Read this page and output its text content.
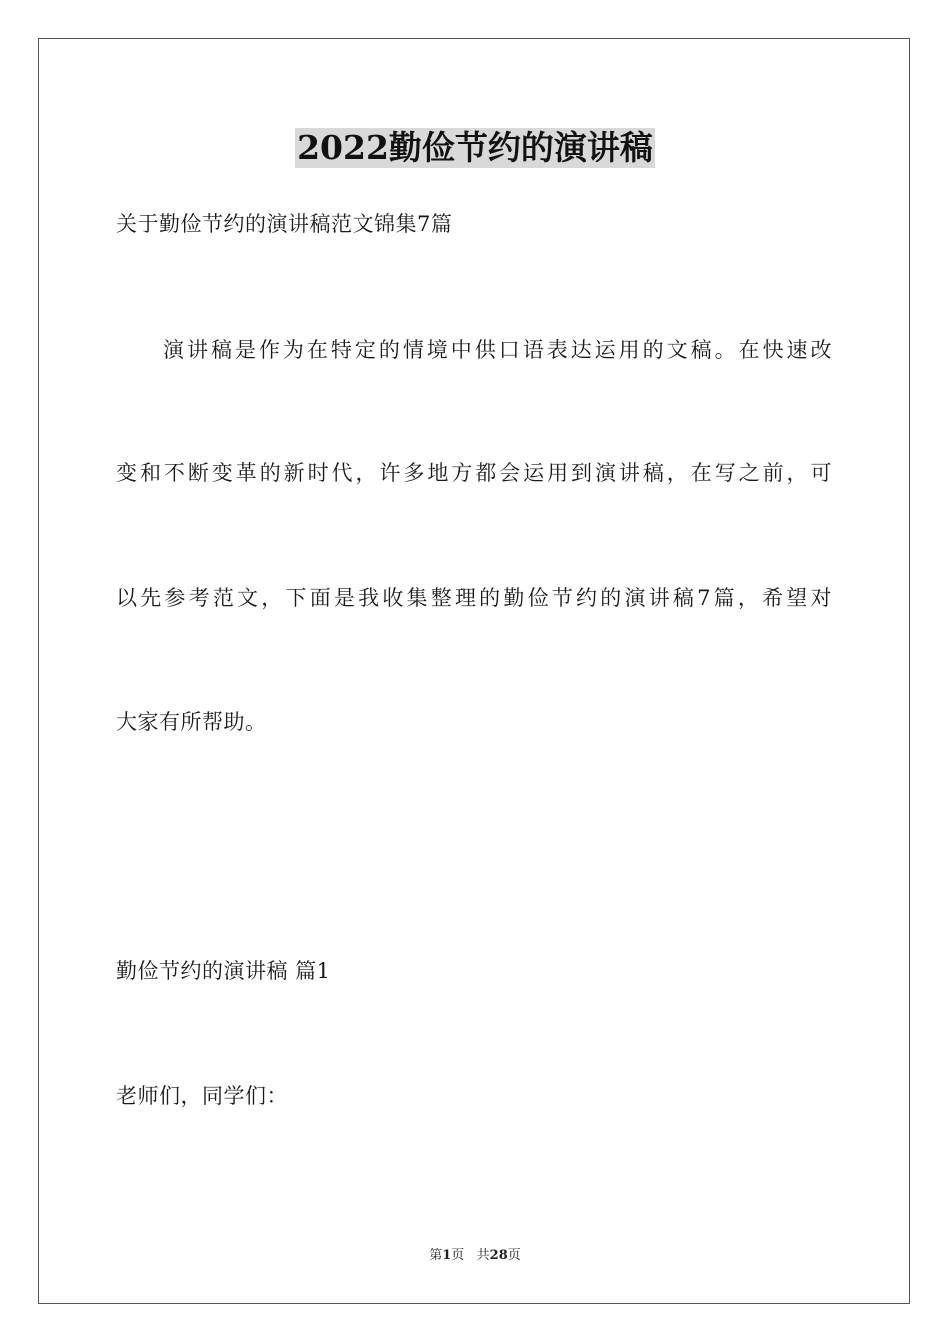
2022勤俭节约的演讲稿
关于勤俭节约的演讲稿范文锦集7篇
演讲稿是作为在特定的情境中供口语表达运用的文稿。在快速改
变和不断变革的新时代，许多地方都会运用到演讲稿，在写之前，可
以先参考范文，下面是我收集整理的勤俭节约的演讲稿7篇，希望对
大家有所帮助。
勤俭节约的演讲稿 篇1
老师们，同学们：
第1页   共28页
